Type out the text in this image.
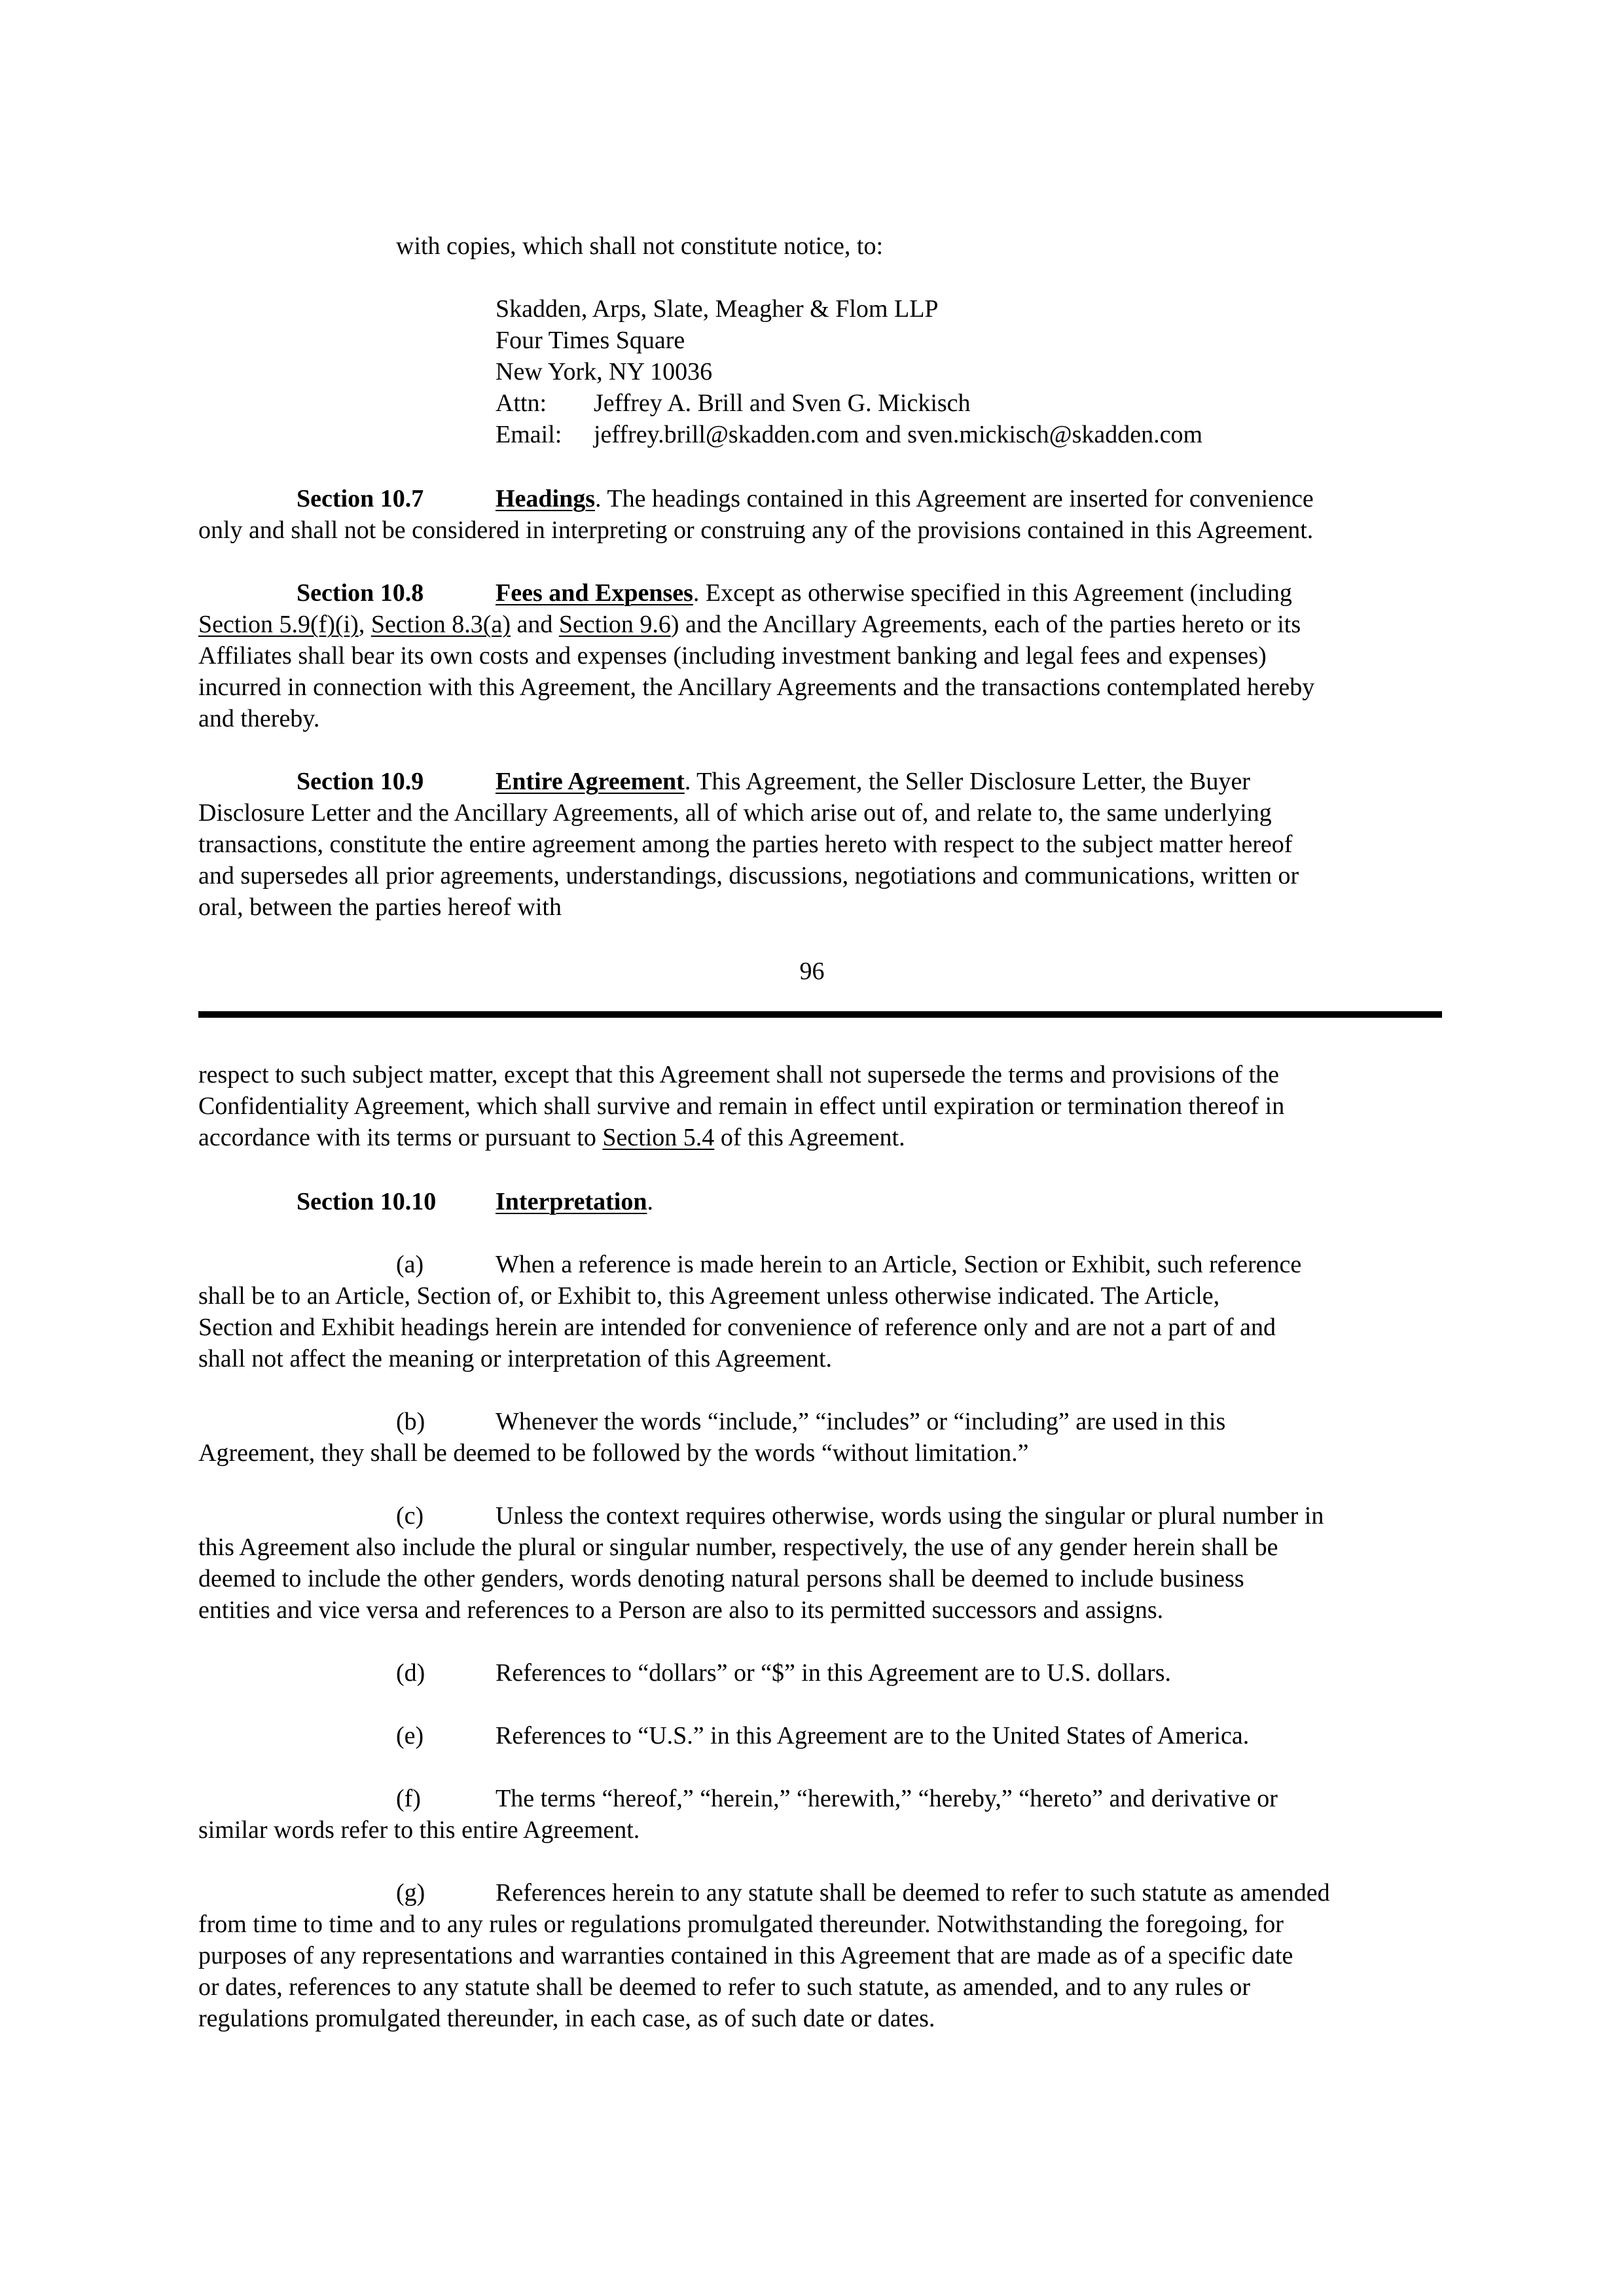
with copies, which shall not constitute notice, to:
Skadden, Arps, Slate, Meagher & Flom LLP
Four Times Square
New York, NY 10036
Attn: Jeffrey A. Brill and Sven G. Mickisch
Email: jeffrey.brill@skadden.com and sven.mickisch@skadden.com
Section 10.7	Headings. The headings contained in this Agreement are inserted for convenience
only and shall not be considered in interpreting or construing any of the provisions contained in this Agreement.
Section 10.8	Fees and Expenses. Except as otherwise specified in this Agreement (including
Section 5.9(f)(i), Section 8.3(a) and Section 9.6) and the Ancillary Agreements, each of the parties hereto or its
Affiliates shall bear its own costs and expenses (including investment banking and legal fees and expenses)
incurred in connection with this Agreement, the Ancillary Agreements and the transactions contemplated hereby
and thereby.
Section 10.9	Entire Agreement. This Agreement, the Seller Disclosure Letter, the Buyer
Disclosure Letter and the Ancillary Agreements, all of which arise out of, and relate to, the same underlying
transactions, constitute the entire agreement among the parties hereto with respect to the subject matter hereof
and supersedes all prior agreements, understandings, discussions, negotiations and communications, written or
oral, between the parties hereof with
96
respect to such subject matter, except that this Agreement shall not supersede the terms and provisions of the
Confidentiality Agreement, which shall survive and remain in effect until expiration or termination thereof in
accordance with its terms or pursuant to Section 5.4 of this Agreement.
Section 10.10 Interpretation.
(a)	When a reference is made herein to an Article, Section or Exhibit, such reference
shall be to an Article, Section of, or Exhibit to, this Agreement unless otherwise indicated. The Article,
Section and Exhibit headings herein are intended for convenience of reference only and are not a part of and
shall not affect the meaning or interpretation of this Agreement.
(b)	Whenever the words “include,” “includes” or “including” are used in this
Agreement, they shall be deemed to be followed by the words “without limitation.”
(c)	Unless the context requires otherwise, words using the singular or plural number in
this Agreement also include the plural or singular number, respectively, the use of any gender herein shall be
deemed to include the other genders, words denoting natural persons shall be deemed to include business
entities and vice versa and references to a Person are also to its permitted successors and assigns.
(d)	References to “dollars” or “$” in this Agreement are to U.S. dollars.
(e)	References to “U.S.” in this Agreement are to the United States of America.
(f)	The terms “hereof,” “herein,” “herewith,” “hereby,” “hereto” and derivative or
similar words refer to this entire Agreement.
(g)	References herein to any statute shall be deemed to refer to such statute as amended
from time to time and to any rules or regulations promulgated thereunder. Notwithstanding the foregoing, for
purposes of any representations and warranties contained in this Agreement that are made as of a specific date
or dates, references to any statute shall be deemed to refer to such statute, as amended, and to any rules or
regulations promulgated thereunder, in each case, as of such date or dates.
